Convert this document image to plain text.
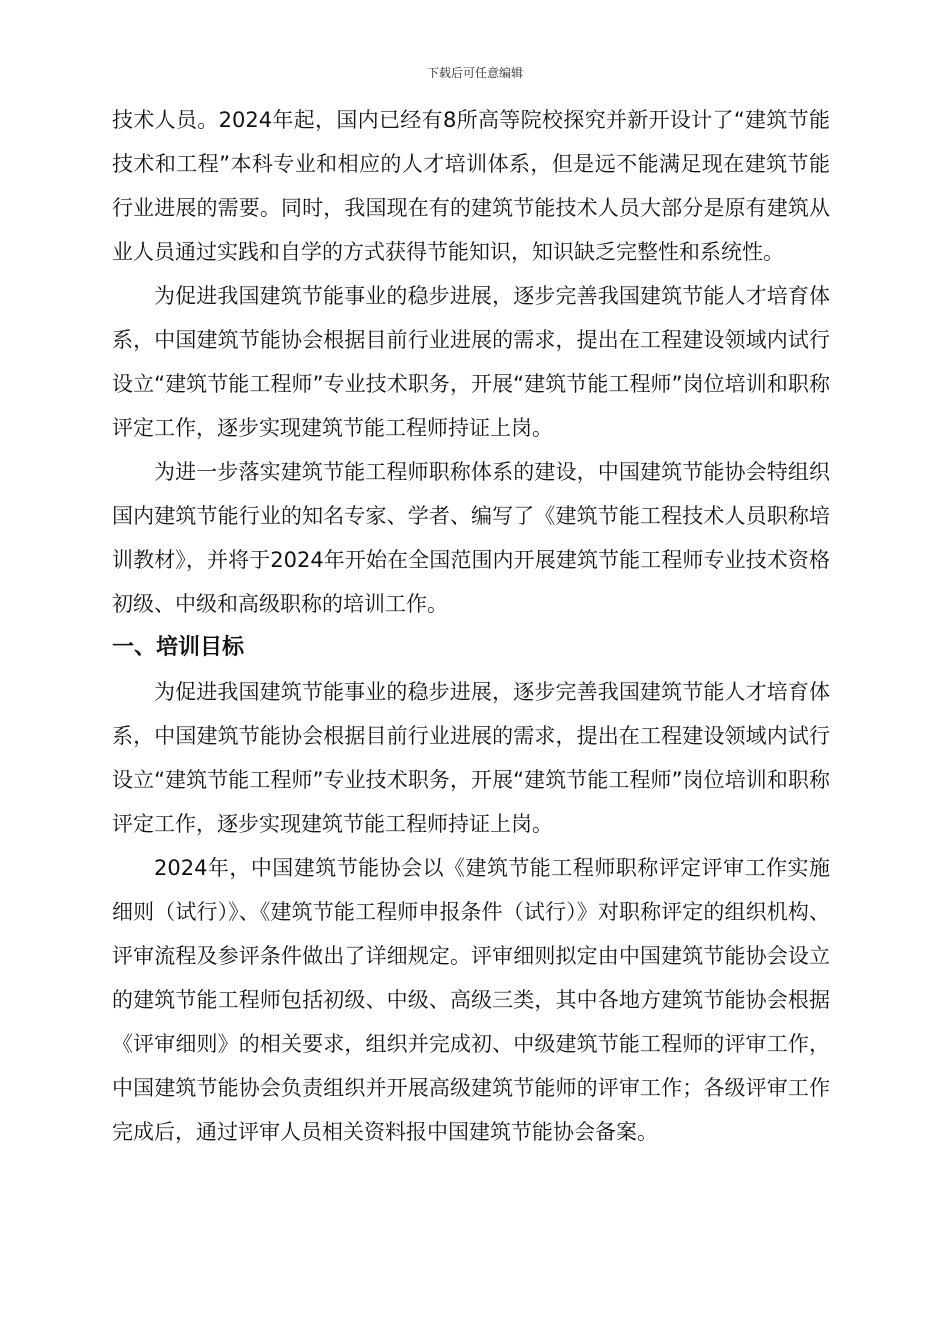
下载后可任意编辑

技术人员。2024年起，国内已经有8所高等院校探究并新开设计了“建筑节能技术和工程”本科专业和相应的人才培训体系，但是远不能满足现在建筑节能行业进展的需要。同时，我国现在有的建筑节能技术人员大部分是原有建筑从业人员通过实践和自学的方式获得节能知识，知识缺乏完整性和系统性。

为促进我国建筑节能事业的稳步进展，逐步完善我国建筑节能人才培育体系，中国建筑节能协会根据目前行业进展的需求，提出在工程建设领域内试行设立“建筑节能工程师”专业技术职务，开展“建筑节能工程师”岗位培训和职称评定工作，逐步实现建筑节能工程师持证上岗。

为进一步落实建筑节能工程师职称体系的建设，中国建筑节能协会特组织国内建筑节能行业的知名专家、学者、编写了《建筑节能工程技术人员职称培训教材》，并将于2024年开始在全国范围内开展建筑节能工程师专业技术资格初级、中级和高级职称的培训工作。

一、培训目标

为促进我国建筑节能事业的稳步进展，逐步完善我国建筑节能人才培育体系，中国建筑节能协会根据目前行业进展的需求，提出在工程建设领域内试行设立“建筑节能工程师”专业技术职务，开展“建筑节能工程师”岗位培训和职称评定工作，逐步实现建筑节能工程师持证上岗。

2024年，中国建筑节能协会以《建筑节能工程师职称评定评审工作实施细则（试行）》、《建筑节能工程师申报条件（试行）》对职称评定的组织机构、评审流程及参评条件做出了详细规定。评审细则拟定由中国建筑节能协会设立的建筑节能工程师包括初级、中级、高级三类，其中各地方建筑节能协会根据《评审细则》的相关要求，组织并完成初、中级建筑节能工程师的评审工作，中国建筑节能协会负责组织并开展高级建筑节能师的评审工作；各级评审工作完成后，通过评审人员相关资料报中国建筑节能协会备案。
